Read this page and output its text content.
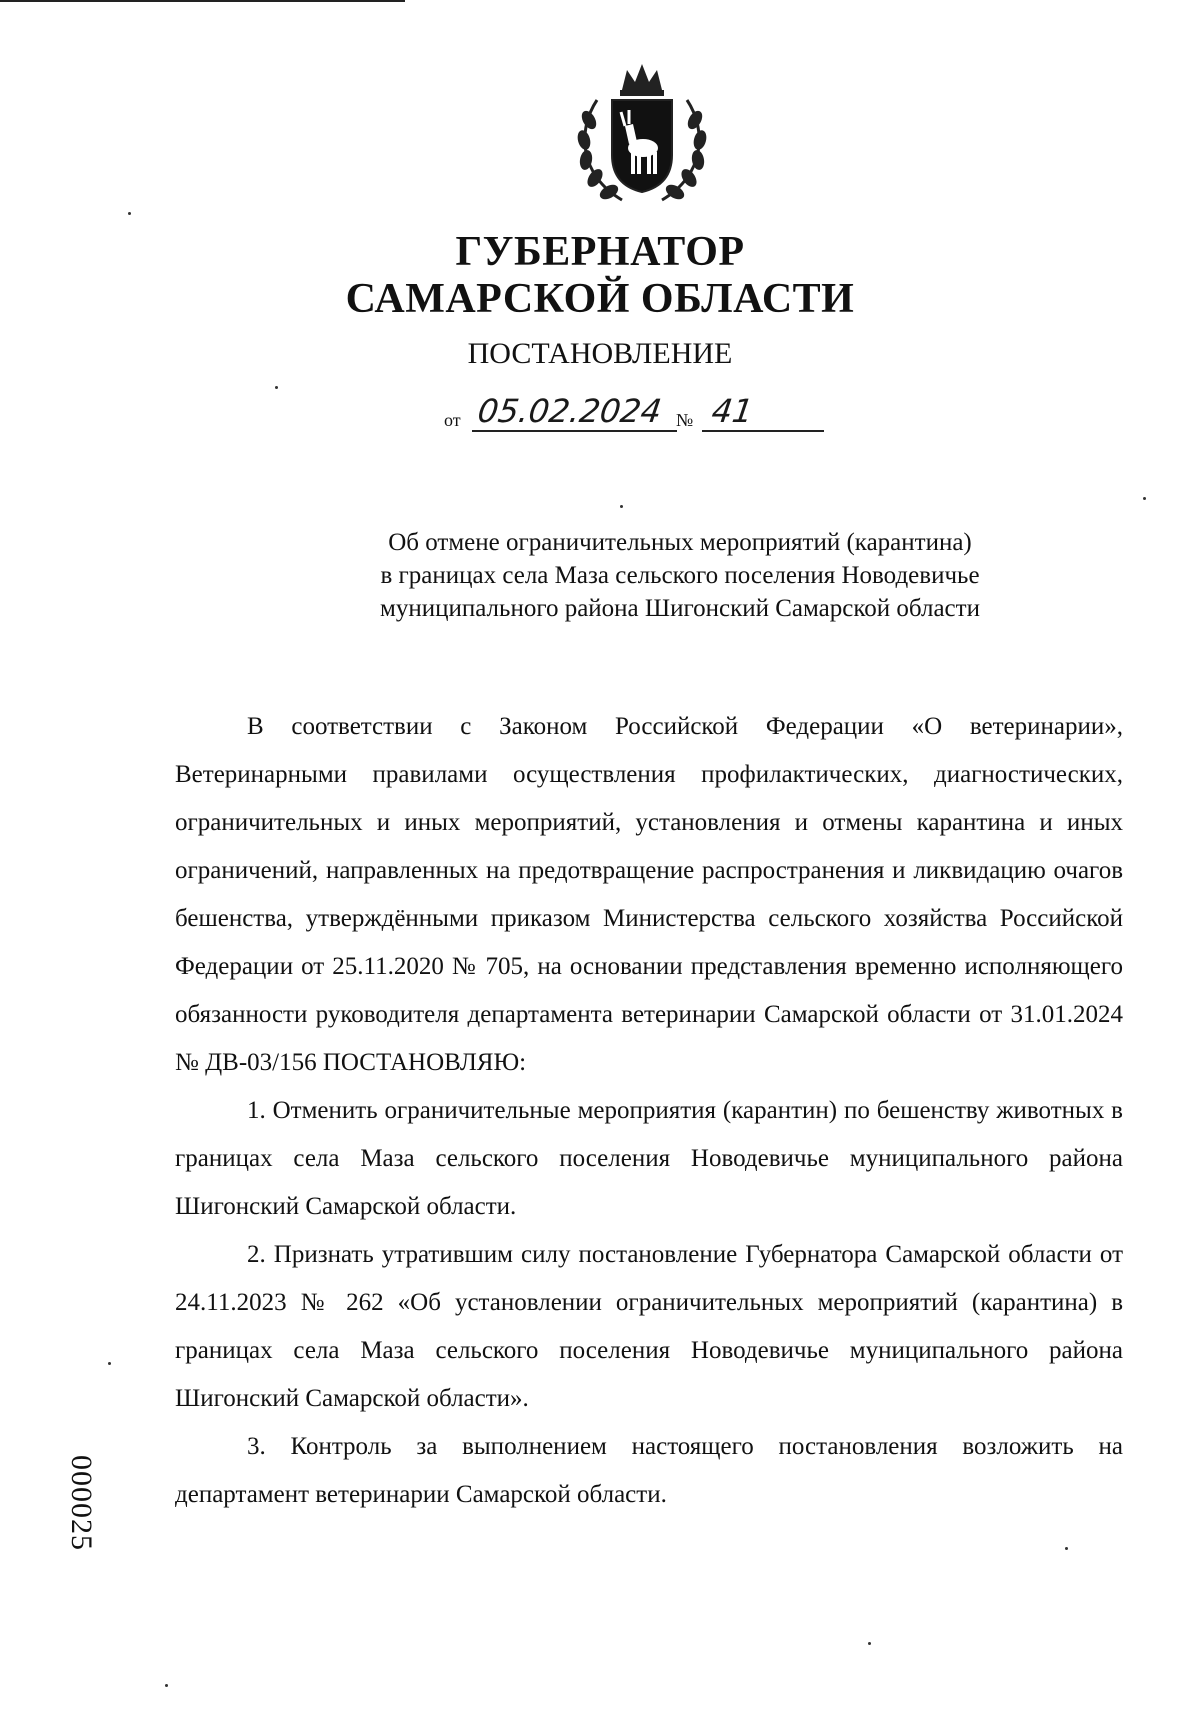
ГУБЕРНАТОР
САМАРСКОЙ ОБЛАСТИ
ПОСТАНОВЛЕНИЕ
от 05.02.2024 № 41
Об отмене ограничительных мероприятий (карантина)
в границах села Маза сельского поселения Новодевичье
муниципального района Шигонский Самарской области

В соответствии с Законом Российской Федерации «О ветеринарии», Ветеринарными правилами осуществления профилактических, диагностических, ограничительных и иных мероприятий, установления и отмены карантина и иных ограничений, направленных на предотвращение распространения и ликвидацию очагов бешенства, утверждёнными приказом Министерства сельского хозяйства Российской Федерации от 25.11.2020 № 705, на основании представления временно исполняющего обязанности руководителя департамента ветеринарии Самарской области от 31.01.2024 № ДВ-03/156 ПОСТАНОВЛЯЮ:

1. Отменить ограничительные мероприятия (карантин) по бешенству животных в границах села Маза сельского поселения Новодевичье муниципального района Шигонский Самарской области.

2. Признать утратившим силу постановление Губернатора Самарской области от 24.11.2023 № 262 «Об установлении ограничительных мероприятий (карантина) в границах села Маза сельского поселения Новодевичье муниципального района Шигонский Самарской области».

3. Контроль за выполнением настоящего постановления возложить на департамент ветеринарии Самарской области.

000025
